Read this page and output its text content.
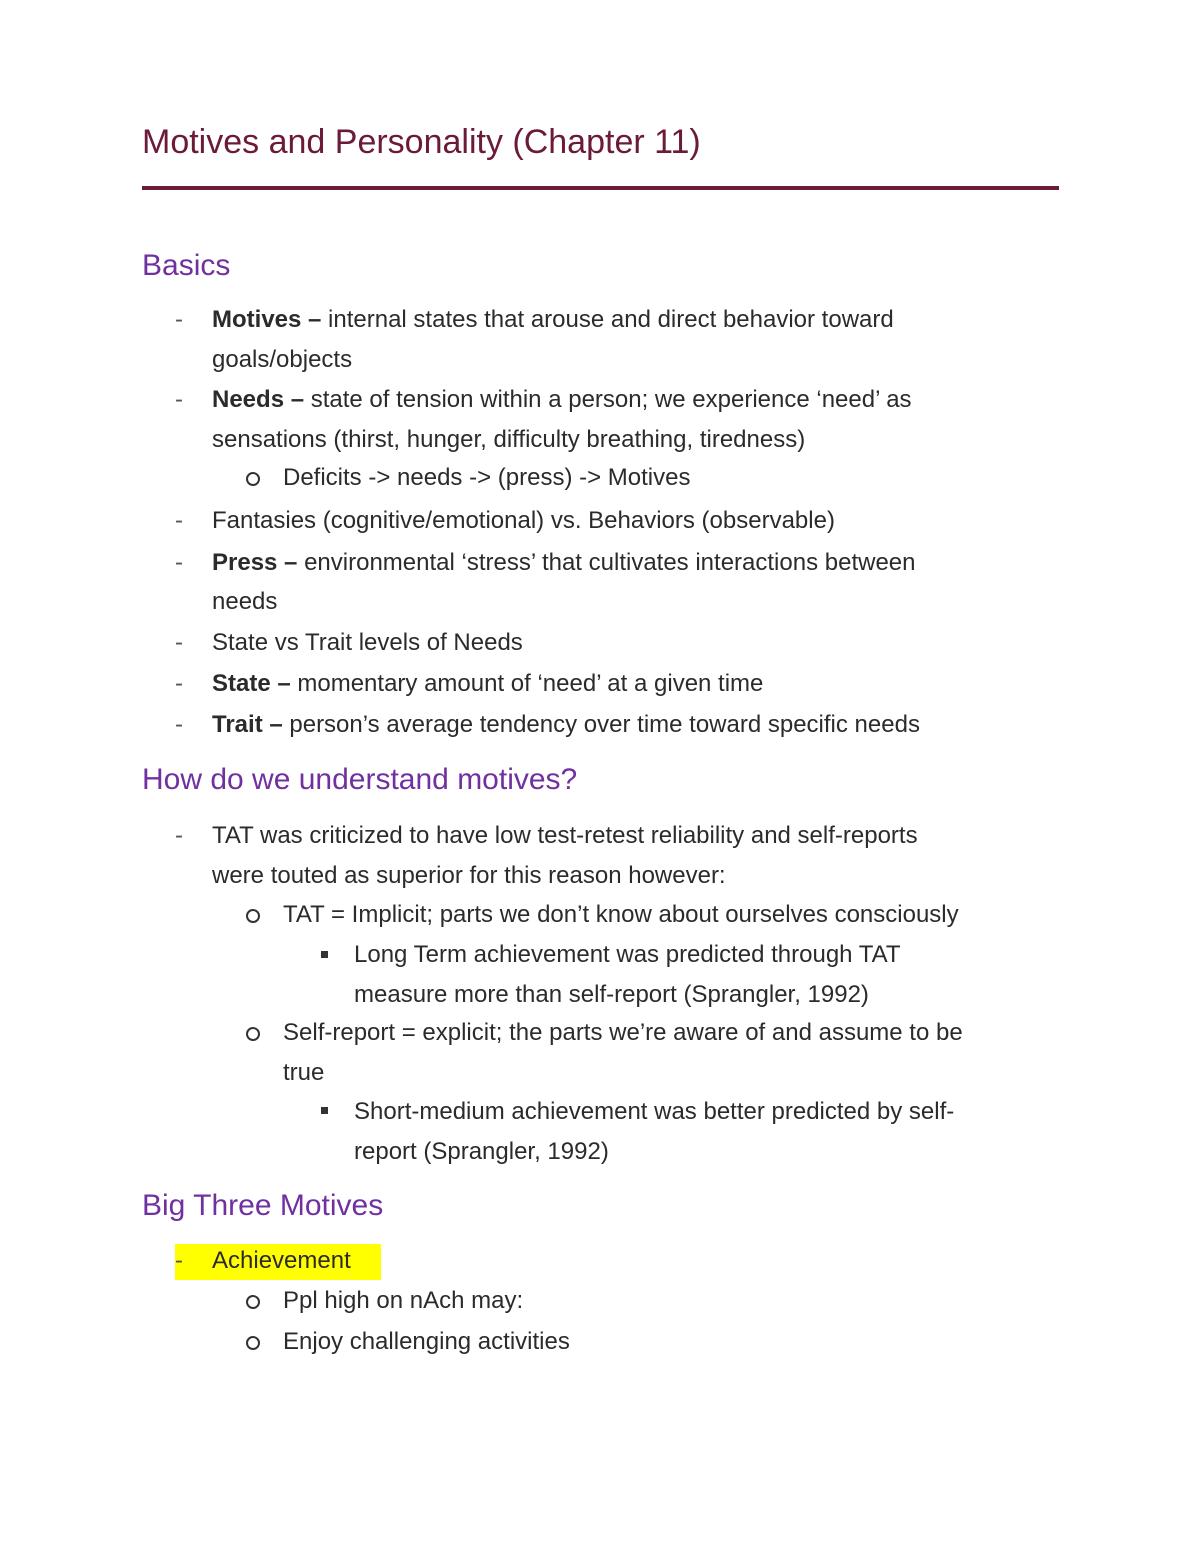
Motives and Personality (Chapter 11)
Basics
- Motives – internal states that arouse and direct behavior toward
goals/objects
- Needs – state of tension within a person; we experience ‘need’ as
sensations (thirst, hunger, difficulty breathing, tiredness)
Deficits -> needs -> (press) -> Motives
- Fantasies (cognitive/emotional) vs. Behaviors (observable)
- Press – environmental ‘stress’ that cultivates interactions between
needs
- State vs Trait levels of Needs
- State – momentary amount of ‘need’ at a given time
- Trait – person’s average tendency over time toward specific needs
How do we understand motives?
- TAT was criticized to have low test-retest reliability and self-reports
were touted as superior for this reason however:
TAT = Implicit; parts we don’t know about ourselves consciously
Long Term achievement was predicted through TAT
measure more than self-report (Sprangler, 1992)
Self-report = explicit; the parts we’re aware of and assume to be
true
Short-medium achievement was better predicted by self-
report (Sprangler, 1992)
Big Three Motives
- Achievement
Ppl high on nAch may:
Enjoy challenging activities
